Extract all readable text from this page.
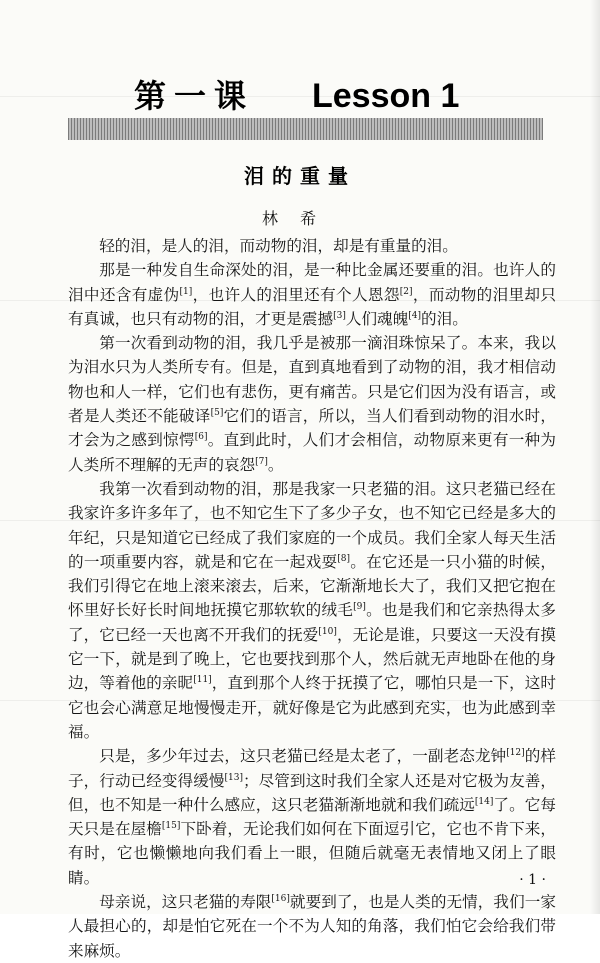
第一课 Lesson 1
泪的重量
林希

轻的泪，是人的泪，而动物的泪，却是有重量的泪。

那是一种发自生命深处的泪，是一种比金属还要重的泪。也许人的泪中还含有虚伪[1]，也许人的泪里还有个人恩怨[2]，而动物的泪里却只有真诚，也只有动物的泪，才更是震撼[3]人们魂魄[4]的泪。

第一次看到动物的泪，我几乎是被那一滴泪珠惊呆了。本来，我以为泪水只为人类所专有。但是，直到真地看到了动物的泪，我才相信动物也和人一样，它们也有悲伤，更有痛苦。只是它们因为没有语言，或者是人类还不能破译[5]它们的语言，所以，当人们看到动物的泪水时，才会为之感到惊愕[6]。直到此时，人们才会相信，动物原来更有一种为人类所不理解的无声的哀怨[7]。

我第一次看到动物的泪，那是我家一只老猫的泪。这只老猫已经在我家许多许多年了，也不知它生下了多少子女，也不知它已经是多大的年纪，只是知道它已经成了我们家庭的一个成员。我们全家人每天生活的一项重要内容，就是和它在一起戏耍[8]。在它还是一只小猫的时候，我们引得它在地上滚来滚去，后来，它渐渐地长大了，我们又把它抱在怀里好长好长时间地抚摸它那软软的绒毛[9]。也是我们和它亲热得太多了，它已经一天也离不开我们的抚爱[10]，无论是谁，只要这一天没有摸它一下，就是到了晚上，它也要找到那个人，然后就无声地卧在他的身边，等着他的亲昵[11]，直到那个人终于抚摸了它，哪怕只是一下，这时它也会心满意足地慢慢走开，就好像是它为此感到充实，也为此感到幸福。

只是，多少年过去，这只老猫已经是太老了，一副老态龙钟[12]的样子，行动已经变得缓慢[13]；尽管到这时我们全家人还是对它极为友善，但，也不知是一种什么感应，这只老猫渐渐地就和我们疏远[14]了。它每天只是在屋檐[15]下卧着，无论我们如何在下面逗引它，它也不肯下来，有时，它也懒懒地向我们看上一眼，但随后就毫无表情地又闭上了眼睛。

母亲说，这只老猫的寿限[16]就要到了，也是人类的无情，我们一家人最担心的，却是怕它死在一个不为人知的角落，我们怕它会给我们带来麻烦。

· 1 ·
